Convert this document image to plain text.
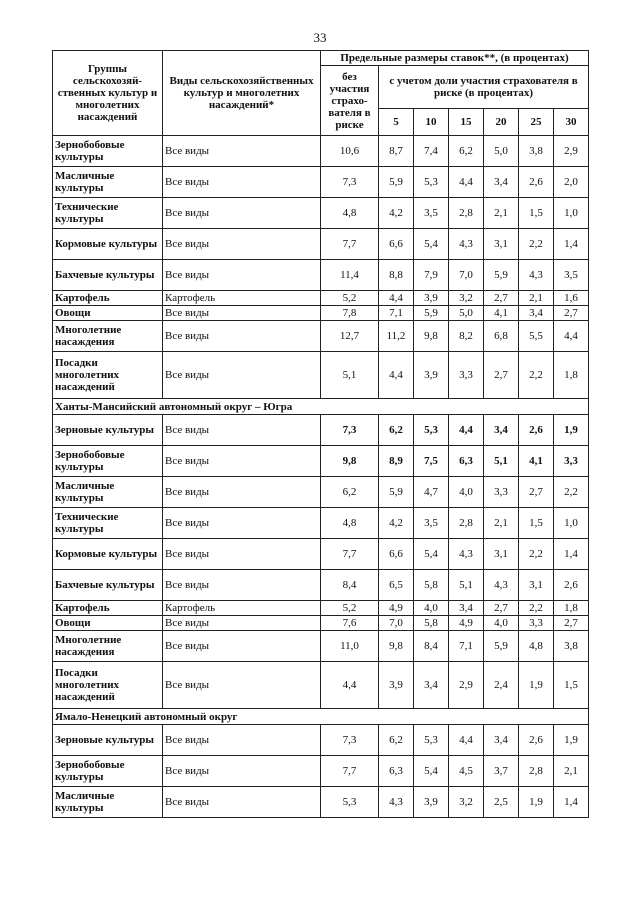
33
Группы сельскохозяй-ственных культур и многолетних насаждений	Виды сельскохозяйственных культур и многолетних насаждений*	Предельные размеры ставок**, (в процентах)						
		без участия страхо-вателя в риске	с учетом доли участия страхователя в риске (в процентах)					
			5	10	15	20	25	30
Зернобобовые культуры	Все виды	10,6	8,7	7,4	6,2	5,0	3,8	2,9
Масличные культуры	Все виды	7,3	5,9	5,3	4,4	3,4	2,6	2,0
Технические культуры	Все виды	4,8	4,2	3,5	2,8	2,1	1,5	1,0
Кормовые культуры	Все виды	7,7	6,6	5,4	4,3	3,1	2,2	1,4
Бахчевые культуры	Все виды	11,4	8,8	7,9	7,0	5,9	4,3	3,5
Картофель	Картофель	5,2	4,4	3,9	3,2	2,7	2,1	1,6
Овощи	Все виды	7,8	7,1	5,9	5,0	4,1	3,4	2,7
Многолетние насаждения	Все виды	12,7	11,2	9,8	8,2	6,8	5,5	4,4
Посадки многолетних насаждений	Все виды	5,1	4,4	3,9	3,3	2,7	2,2	1,8
Ханты-Мансийский автономный округ – Югра								
Зерновые культуры	Все виды	7,3	6,2	5,3	4,4	3,4	2,6	1,9
Зернобобовые культуры	Все виды	9,8	8,9	7,5	6,3	5,1	4,1	3,3
Масличные культуры	Все виды	6,2	5,9	4,7	4,0	3,3	2,7	2,2
Технические культуры	Все виды	4,8	4,2	3,5	2,8	2,1	1,5	1,0
Кормовые культуры	Все виды	7,7	6,6	5,4	4,3	3,1	2,2	1,4
Бахчевые культуры	Все виды	8,4	6,5	5,8	5,1	4,3	3,1	2,6
Картофель	Картофель	5,2	4,9	4,0	3,4	2,7	2,2	1,8
Овощи	Все виды	7,6	7,0	5,8	4,9	4,0	3,3	2,7
Многолетние насаждения	Все виды	11,0	9,8	8,4	7,1	5,9	4,8	3,8
Посадки многолетних насаждений	Все виды	4,4	3,9	3,4	2,9	2,4	1,9	1,5
Ямало-Ненецкий автономный округ								
Зерновые культуры	Все виды	7,3	6,2	5,3	4,4	3,4	2,6	1,9
Зернобобовые культуры	Все виды	7,7	6,3	5,4	4,5	3,7	2,8	2,1
Масличные культуры	Все виды	5,3	4,3	3,9	3,2	2,5	1,9	1,4
